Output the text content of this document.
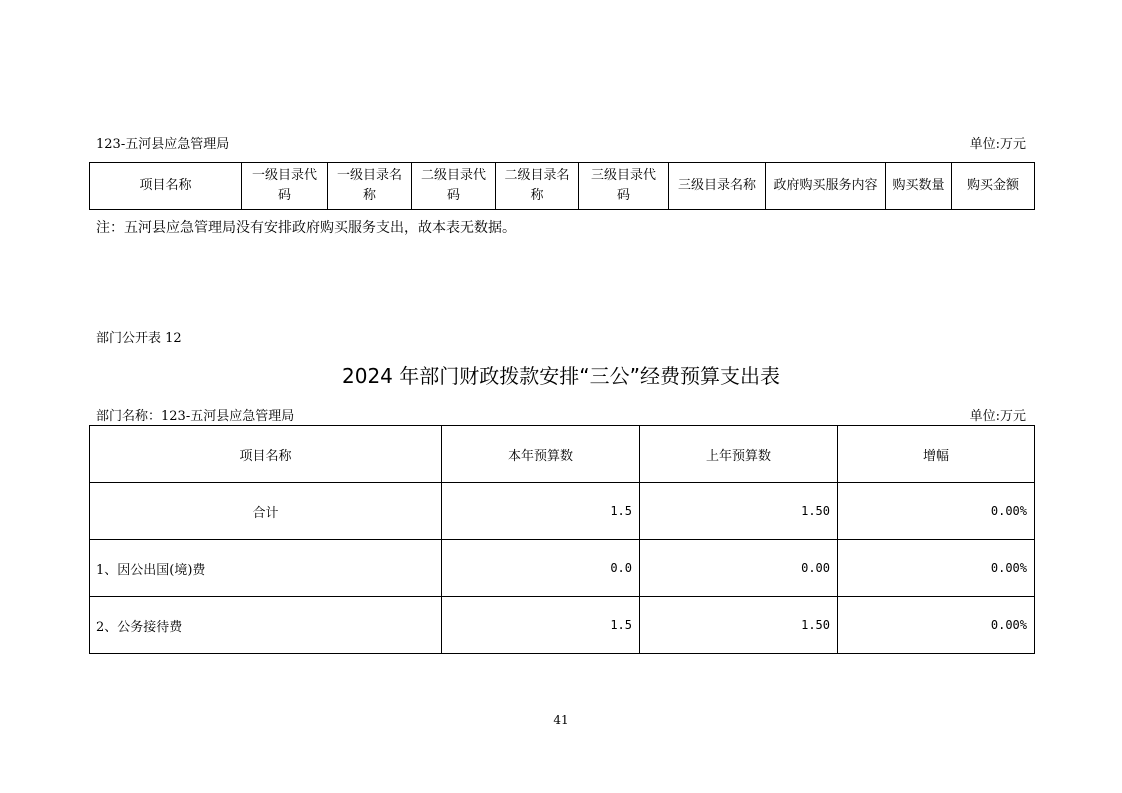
123-五河县应急管理局	单位:万元
项目名称	一级目录代码	一级目录名称	二级目录代码	二级目录名称	三级目录代码	三级目录名称	政府购买服务内容	购买数量	购买金额
注：五河县应急管理局没有安排政府购买服务支出，故本表无数据。
部门公开表 12
2024 年部门财政拨款安排“三公”经费预算支出表
部门名称：123-五河县应急管理局	单位:万元
项目名称	本年预算数	上年预算数	增幅
合计	1.5	1.50	0.00%
1、因公出国(境)费	0.0	0.00	0.00%
2、公务接待费	1.5	1.50	0.00%
41
